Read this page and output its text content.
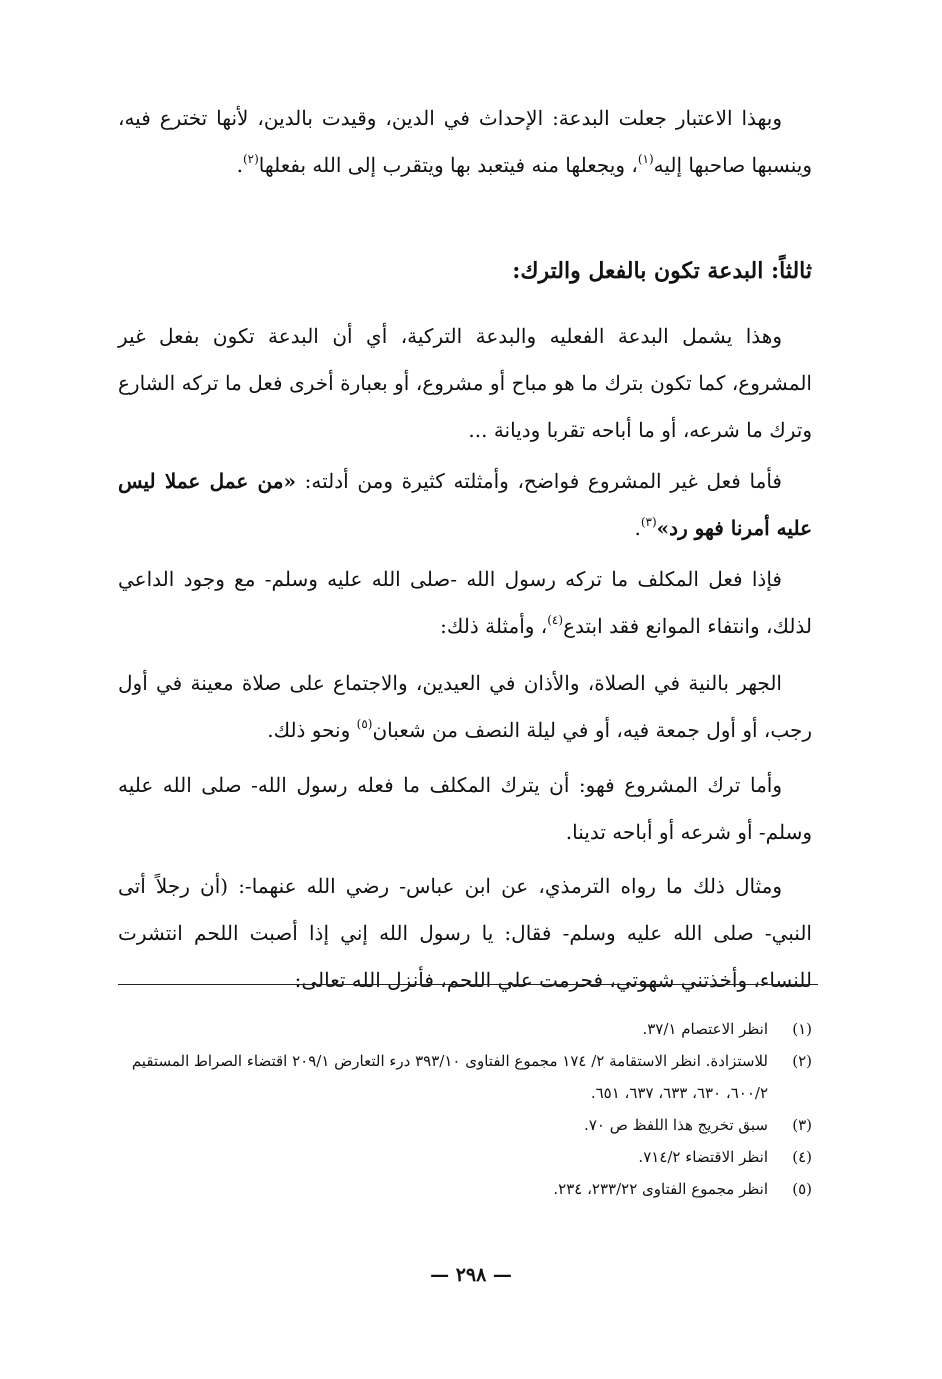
وبهذا الاعتبار جعلت البدعة: الإحداث في الدين، وقيدت بالدين، لأنها تخترع فيه، وينسبها صاحبها إليه$^{(١)}$، ويجعلها منه فيتعبد بها ويتقرب إلى الله بفعلها$^{(٢)}$.

ثالثاً: البدعة تكون بالفعل والترك:

وهذا يشمل البدعة الفعليه والبدعة التركية، أي أن البدعة تكون بفعل غير المشروع، كما تكون بترك ما هو مباح أو مشروع، أو بعبارة أخرى فعل ما تركه الشارع وترك ما شرعه، أو ما أباحه تقربا وديانة ...

فأما فعل غير المشروع فواضح، وأمثلته كثيرة ومن أدلته: «من عمل عملا ليس عليه أمرنا فهو رد»$^{(٣)}$.

فإذا فعل المكلف ما تركه رسول الله -صلى الله عليه وسلم- مع وجود الداعي لذلك، وانتفاء الموانع فقد ابتدع$^{(٤)}$، وأمثلة ذلك:

الجهر بالنية في الصلاة، والأذان في العيدين، والاجتماع على صلاة معينة في أول رجب، أو أول جمعة فيه، أو في ليلة النصف من شعبان$^{(٥)}$ ونحو ذلك.

وأما ترك المشروع فهو: أن يترك المكلف ما فعله رسول الله- صلى الله عليه وسلم- أو شرعه أو أباحه تدينا.

ومثال ذلك ما رواه الترمذي، عن ابن عباس- رضي الله عنهما-: (أن رجلاً أتى النبي- صلى الله عليه وسلم- فقال: يا رسول الله إني إذا أصبت اللحم انتشرت للنساء، وأخذتني شهوتي، فحرمت علي اللحم، فأنزل الله تعالى:

(١)
انظر الاعتصام ٣٧/١.
(٢)
للاستزادة. انظر الاستقامة ٢/ ١٧٤ مجموع الفتاوى ٣٩٣/١٠ درء التعارض ٢٠٩/١ اقتضاء الصراط المستقيم ٦٠٠/٢، ٦٣٠، ٦٣٣، ٦٣٧، ٦٥١.
(٣)
سبق تخريج هذا اللفظ ص ٧٠.
(٤)
انظر الاقتضاء ٧١٤/٢.
(٥)
انظر مجموع الفتاوى ٢٣٣/٢٢، ٢٣٤.
— ٢٩٨ —
